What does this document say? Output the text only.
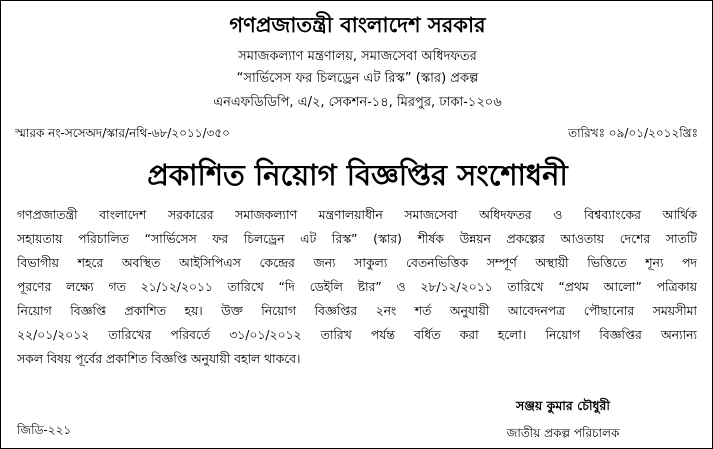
গণপ্রজাতন্ত্রী বাংলাদেশ সরকার
সমাজকল্যাণ মন্ত্রণালয়, সমাজসেবা অধিদফতর
“সার্ভিসেস ফর চিলড্রেন এট রিস্ক” (স্কার) প্রকল্প
এনএফডিডিপি, এ/২, সেকশন-১৪, মিরপুর, ঢাকা-১২০৬
স্মারক নং-সসেঅদ/স্কার/নথি-৬৮/২০১১/৩৫০	তারিখঃ ০৯/০১/২০১২খ্রিঃ
প্রকাশিত নিয়োগ বিজ্ঞপ্তির সংশোধনী
গণপ্রজাতন্ত্রী বাংলাদেশ সরকারের সমাজকল্যাণ মন্ত্রণালয়াধীন সমাজসেবা অধিদফতর ও বিশ্বব্যাংকের আর্থিক
সহায়তায় পরিচালিত “সার্ভিসেস ফর চিলড্রেন এট রিস্ক” (স্কার) শীর্ষক উন্নয়ন প্রকল্পের আওতায় দেশের সাতটি
বিভাগীয় শহরে অবস্থিত আইসিপিএস কেন্দ্রের জন্য সাকুল্য বেতনভিত্তিক সম্পূর্ণ অস্থায়ী ভিত্তিতে শূন্য পদ
পূরণের লক্ষ্যে গত ২১/১২/২০১১ তারিখে “দি ডেইলি ষ্টার” ও ২৮/১২/২০১১ তারিখে “প্রথম আলো” পত্রিকায়
নিয়োগ বিজ্ঞপ্তি প্রকাশিত হয়। উক্ত নিয়োগ বিজ্ঞপ্তির ২নং শর্ত অনুযায়ী আবেদনপত্র পৌছানোর সময়সীমা
২২/০১/২০১২ তারিখের পরিবর্তে ৩১/০১/২০১২ তারিখ পর্যন্ত বর্ধিত করা হলো। নিয়োগ বিজ্ঞপ্তির অন্যান্য
সকল বিষয় পূর্বের প্রকাশিত বিজ্ঞপ্তি অনুযায়ী বহাল থাকবে।
সঞ্জয় কুমার চৌধুরী
জাতীয় প্রকল্প পরিচালক
জিডি-২২১
